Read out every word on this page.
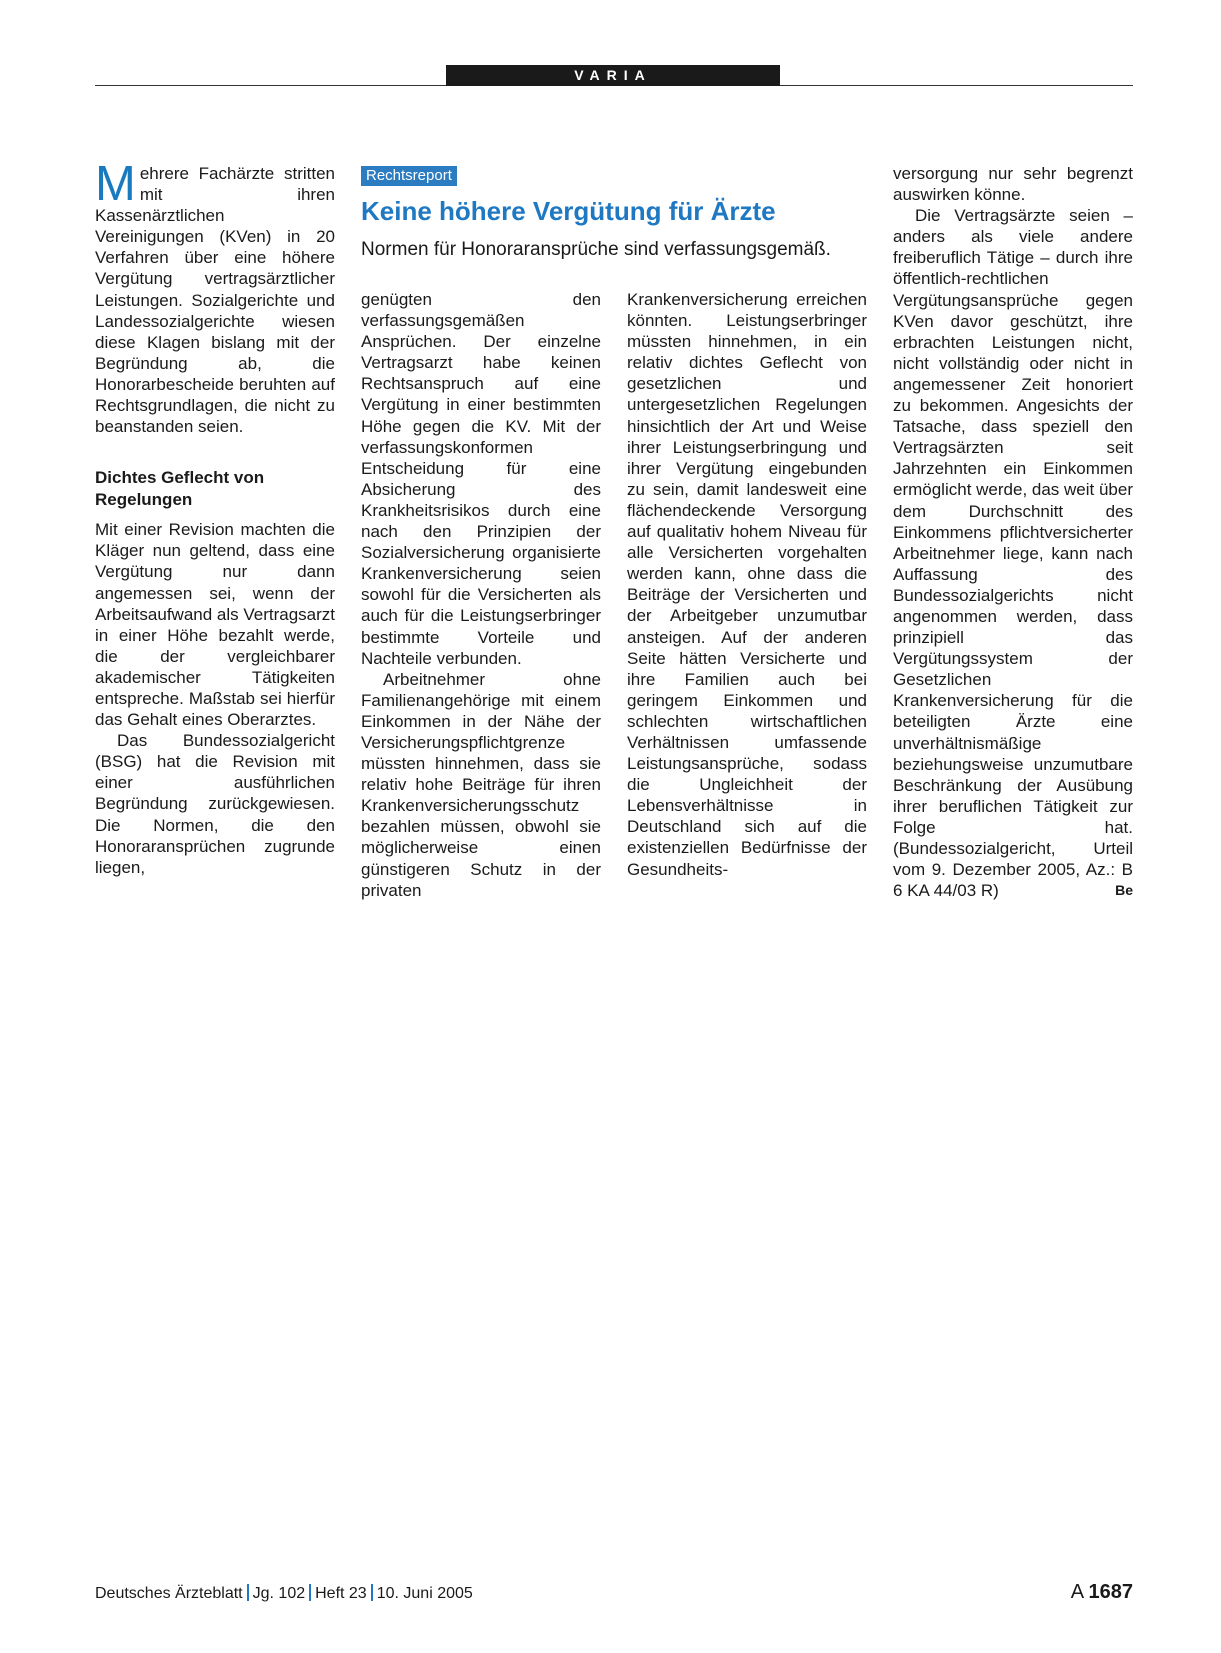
VARIA

Mehrere Fachärzte stritten mit ihren Kassenärztlichen Vereinigungen (KVen) in 20 Verfahren über eine höhere Vergütung vertragsärztlicher Leistungen. Sozialgerichte und Landessozialgerichte wiesen diese Klagen bislang mit der Begründung ab, die Honorarbescheide beruhten auf Rechtsgrundlagen, die nicht zu beanstanden seien.

Dichtes Geflecht von Regelungen

Mit einer Revision machten die Kläger nun geltend, dass eine Vergütung nur dann angemessen sei, wenn der Arbeitsaufwand als Vertragsarzt in einer Höhe bezahlt werde, die der vergleichbarer akademischer Tätigkeiten entspreche. Maßstab sei hierfür das Gehalt eines Oberarztes.

Das Bundessozialgericht (BSG) hat die Revision mit einer ausführlichen Begründung zurückgewiesen. Die Normen, die den Honoraransprüchen zugrunde liegen,

Rechtsreport
Keine höhere Vergütung für Ärzte

Normen für Honoraransprüche sind verfassungsgemäß.

genügten den verfassungsgemäßen Ansprüchen. Der einzelne Vertragsarzt habe keinen Rechtsanspruch auf eine Vergütung in einer bestimmten Höhe gegen die KV. Mit der verfassungskonformen Entscheidung für eine Absicherung des Krankheitsrisikos durch eine nach den Prinzipien der Sozialversicherung organisierte Krankenversicherung seien sowohl für die Versicherten als auch für die Leistungserbringer bestimmte Vorteile und Nachteile verbunden.

Arbeitnehmer ohne Familienangehörige mit einem Einkommen in der Nähe der Versicherungspflichtgrenze müssten hinnehmen, dass sie relativ hohe Beiträge für ihren Krankenversicherungsschutz bezahlen müssen, obwohl sie möglicherweise einen günstigeren Schutz in der privaten

Krankenversicherung erreichen könnten. Leistungserbringer müssten hinnehmen, in ein relativ dichtes Geflecht von gesetzlichen und untergesetzlichen Regelungen hinsichtlich der Art und Weise ihrer Leistungserbringung und ihrer Vergütung eingebunden zu sein, damit landesweit eine flächendeckende Versorgung auf qualitativ hohem Niveau für alle Versicherten vorgehalten werden kann, ohne dass die Beiträge der Versicherten und der Arbeitgeber unzumutbar ansteigen. Auf der anderen Seite hätten Versicherte und ihre Familien auch bei geringem Einkommen und schlechten wirtschaftlichen Verhältnissen umfassende Leistungsansprüche, sodass die Ungleichheit der Lebensverhältnisse in Deutschland sich auf die existenziellen Bedürfnisse der Gesundheits-

versorgung nur sehr begrenzt auswirken könne.

Die Vertragsärzte seien – anders als viele andere freiberuflich Tätige – durch ihre öffentlich-rechtlichen Vergütungsansprüche gegen KVen davor geschützt, ihre erbrachten Leistungen nicht, nicht vollständig oder nicht in angemessener Zeit honoriert zu bekommen. Angesichts der Tatsache, dass speziell den Vertragsärzten seit Jahrzehnten ein Einkommen ermöglicht werde, das weit über dem Durchschnitt des Einkommens pflichtversicherter Arbeitnehmer liege, kann nach Auffassung des Bundessozialgerichts nicht angenommen werden, dass prinzipiell das Vergütungssystem der Gesetzlichen Krankenversicherung für die beteiligten Ärzte eine unverhältnismäßige beziehungsweise unzumutbare Beschränkung der Ausübung ihrer beruflichen Tätigkeit zur Folge hat. (Bundessozialgericht, Urteil vom 9. Dezember 2005, Az.: B 6 KA 44/03 R)	Be

Deutsches Ärzteblatt Jg. 102 Heft 23 10. Juni 2005	A 1687
